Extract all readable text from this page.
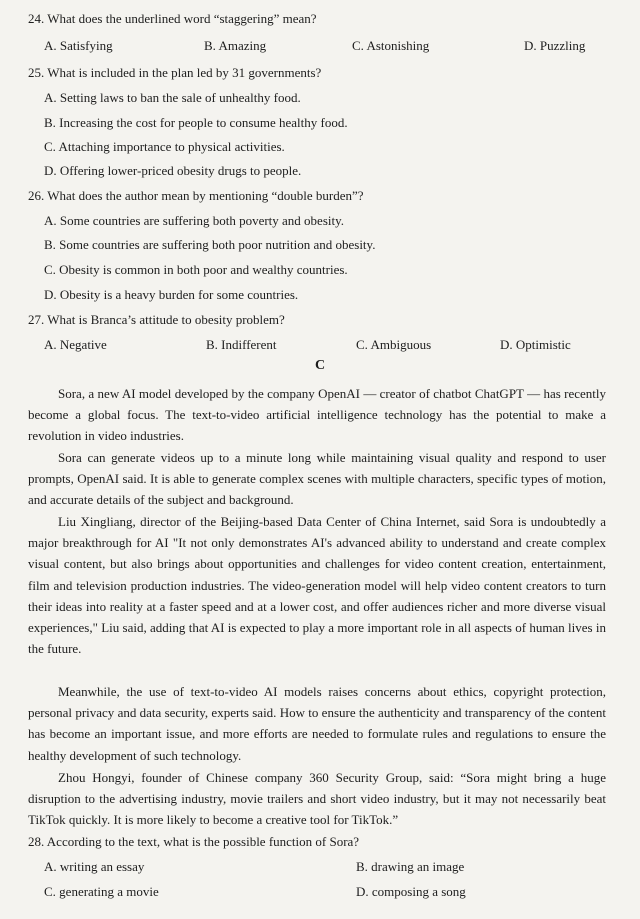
24. What does the underlined word “staggering” mean?
A. Satisfying	B. Amazing	C. Astonishing	D. Puzzling
25. What is included in the plan led by 31 governments?
A. Setting laws to ban the sale of unhealthy food.
B. Increasing the cost for people to consume healthy food.
C. Attaching importance to physical activities.
D. Offering lower-priced obesity drugs to people.
26. What does the author mean by mentioning “double burden”?
A. Some countries are suffering both poverty and obesity.
B. Some countries are suffering both poor nutrition and obesity.
C. Obesity is common in both poor and wealthy countries.
D. Obesity is a heavy burden for some countries.
27. What is Branca’s attitude to obesity problem?
A. Negative	B. Indifferent	C. Ambiguous	D. Optimistic
C
Sora, a new AI model developed by the company OpenAI — creator of chatbot ChatGPT — has recently become a global focus. The text-to-video artificial intelligence technology has the potential to make a revolution in video industries.
Sora can generate videos up to a minute long while maintaining visual quality and respond to user prompts, OpenAI said. It is able to generate complex scenes with multiple characters, specific types of motion, and accurate details of the subject and background.
Liu Xingliang, director of the Beijing-based Data Center of China Internet, said Sora is undoubtedly a major breakthrough for AI "It not only demonstrates AI's advanced ability to understand and create complex visual content, but also brings about opportunities and challenges for video content creation, entertainment, film and television production industries. The video-generation model will help video content creators to turn their ideas into reality at a faster speed and at a lower cost, and offer audiences richer and more diverse visual experiences," Liu said, adding that AI is expected to play a more important role in all aspects of human lives in the future.
Meanwhile, the use of text-to-video AI models raises concerns about ethics, copyright protection, personal privacy and data security, experts said. How to ensure the authenticity and transparency of the content has become an important issue, and more efforts are needed to formulate rules and regulations to ensure the healthy development of such technology.
Zhou Hongyi, founder of Chinese company 360 Security Group, said: “Sora might bring a huge disruption to the advertising industry, movie trailers and short video industry, but it may not necessarily beat TikTok quickly. It is more likely to become a creative tool for TikTok.”
28. According to the text, what is the possible function of Sora?
A. writing an essay	B. drawing an image
C. generating a movie	D. composing a song
